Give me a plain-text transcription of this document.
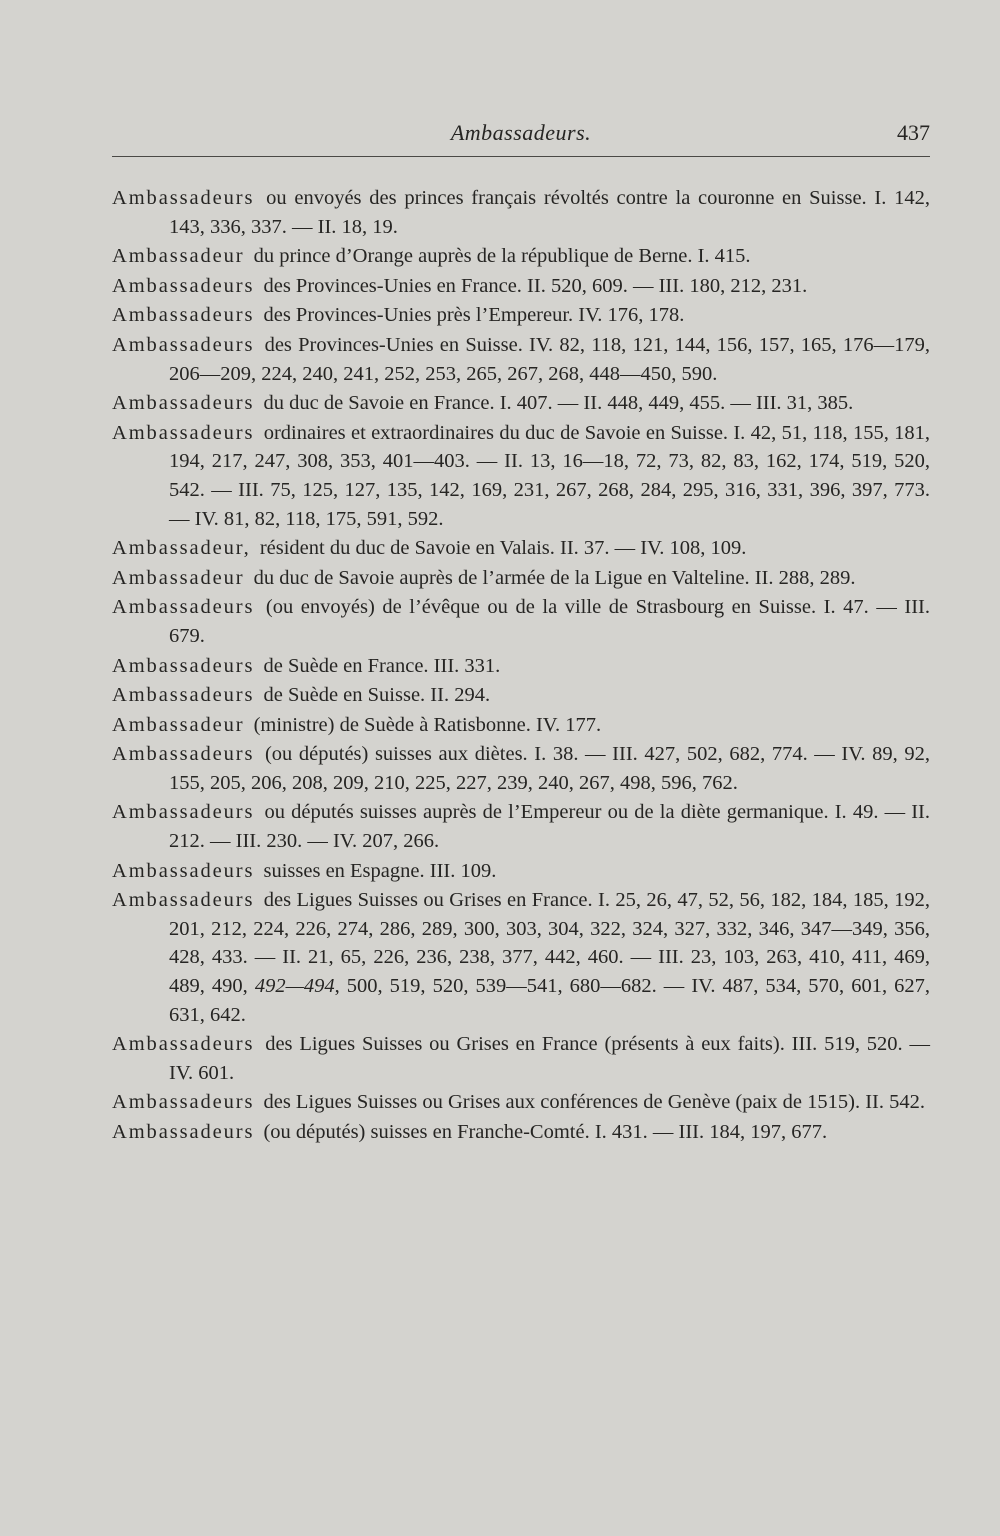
Ambassadeurs.	437

Ambassadeurs ou envoyés des princes français révoltés contre la couronne en Suisse. I. 142, 143, 336, 337. — II. 18, 19.

Ambassadeur du prince d’Orange auprès de la république de Berne. I. 415.

Ambassadeurs des Provinces-Unies en France. II. 520, 609. — III. 180, 212, 231.

Ambassadeurs des Provinces-Unies près l’Empereur. IV. 176, 178.

Ambassadeurs des Provinces-Unies en Suisse. IV. 82, 118, 121, 144, 156, 157, 165, 176—179, 206—209, 224, 240, 241, 252, 253, 265, 267, 268, 448—450, 590.

Ambassadeurs du duc de Savoie en France. I. 407. — II. 448, 449, 455. — III. 31, 385.

Ambassadeurs ordinaires et extraordinaires du duc de Savoie en Suisse. I. 42, 51, 118, 155, 181, 194, 217, 247, 308, 353, 401—403. — II. 13, 16—18, 72, 73, 82, 83, 162, 174, 519, 520, 542. — III. 75, 125, 127, 135, 142, 169, 231, 267, 268, 284, 295, 316, 331, 396, 397, 773. — IV. 81, 82, 118, 175, 591, 592.

Ambassadeur, résident du duc de Savoie en Valais. II. 37. — IV. 108, 109.

Ambassadeur du duc de Savoie auprès de l’armée de la Ligue en Valteline. II. 288, 289.

Ambassadeurs (ou envoyés) de l’évêque ou de la ville de Strasbourg en Suisse. I. 47. — III. 679.

Ambassadeurs de Suède en France. III. 331.

Ambassadeurs de Suède en Suisse. II. 294.

Ambassadeur (ministre) de Suède à Ratisbonne. IV. 177.

Ambassadeurs (ou députés) suisses aux diètes. I. 38. — III. 427, 502, 682, 774. — IV. 89, 92, 155, 205, 206, 208, 209, 210, 225, 227, 239, 240, 267, 498, 596, 762.

Ambassadeurs ou députés suisses auprès de l’Empereur ou de la diète germanique. I. 49. — II. 212. — III. 230. — IV. 207, 266.

Ambassadeurs suisses en Espagne. III. 109.

Ambassadeurs des Ligues Suisses ou Grises en France. I. 25, 26, 47, 52, 56, 182, 184, 185, 192, 201, 212, 224, 226, 274, 286, 289, 300, 303, 304, 322, 324, 327, 332, 346, 347—349, 356, 428, 433. — II. 21, 65, 226, 236, 238, 377, 442, 460. — III. 23, 103, 263, 410, 411, 469, 489, 490, 492—494, 500, 519, 520, 539—541, 680—682. — IV. 487, 534, 570, 601, 627, 631, 642.

Ambassadeurs des Ligues Suisses ou Grises en France (présents à eux faits). III. 519, 520. — IV. 601.

Ambassadeurs des Ligues Suisses ou Grises aux conférences de Genève (paix de 1515). II. 542.

Ambassadeurs (ou députés) suisses en Franche-Comté. I. 431. — III. 184, 197, 677.
